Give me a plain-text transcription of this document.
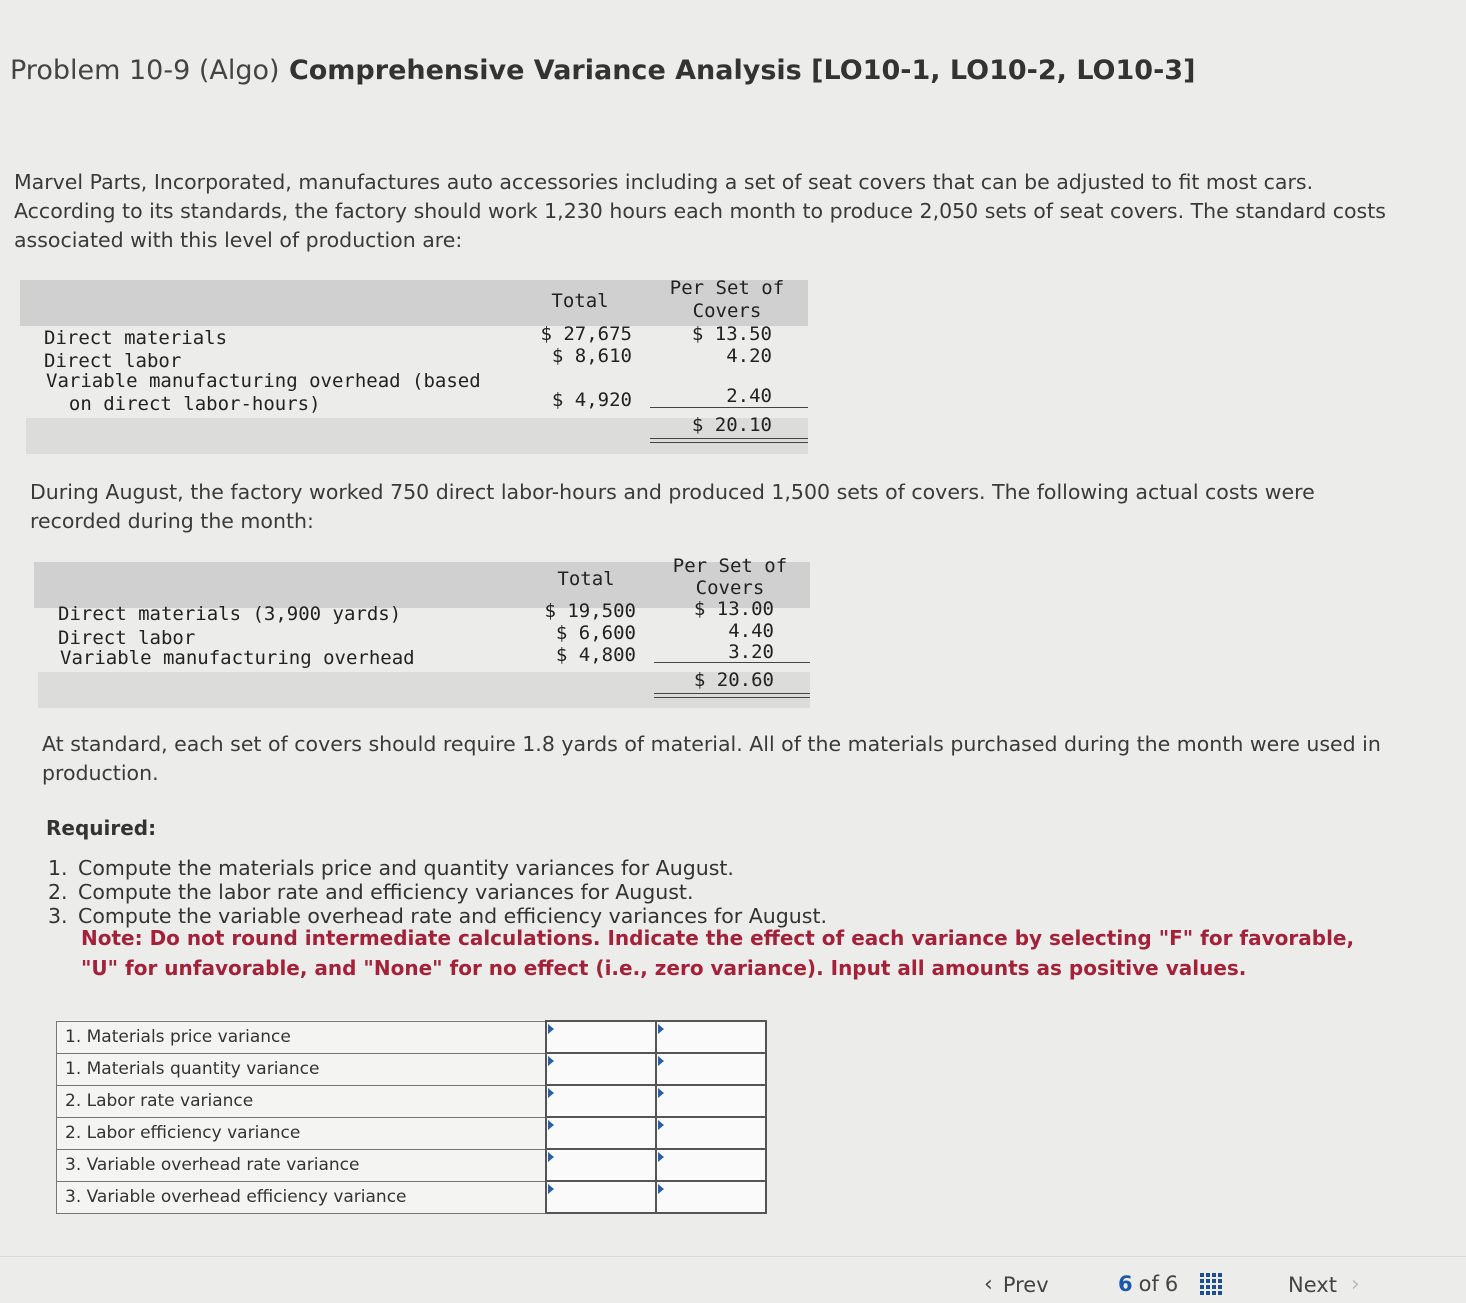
Problem 10-9 (Algo) Comprehensive Variance Analysis [LO10-1, LO10-2, LO10-3]
Marvel Parts, Incorporated, manufactures auto accessories including a set of seat covers that can be adjusted to fit most cars.
According to its standards, the factory should work 1,230 hours each month to produce 2,050 sets of seat covers. The standard costs
associated with this level of production are:
Total
Per Set of
Covers
Direct materials	$ 27,675	$ 13.50
Direct labor	$ 8,610	4.20
Variable manufacturing overhead (based
on direct labor-hours)	$ 4,920	2.40
$ 20.10
During August, the factory worked 750 direct labor-hours and produced 1,500 sets of covers. The following actual costs were
recorded during the month:
Total
Per Set of
Covers
Direct materials (3,900 yards)	$ 19,500	$ 13.00
Direct labor	$ 6,600	4.40
Variable manufacturing overhead	$ 4,800	3.20
$ 20.60
At standard, each set of covers should require 1.8 yards of material. All of the materials purchased during the month were used in
production.
Required:
1. Compute the materials price and quantity variances for August.
2. Compute the labor rate and efficiency variances for August.
3. Compute the variable overhead rate and efficiency variances for August.

Note: Do not round intermediate calculations. Indicate the effect of each variance by selecting "F" for favorable, "U" for unfavorable, and "None" for no effect (i.e., zero variance). Input all amounts as positive values.

1. Materials price variance		
1. Materials quantity variance		
2. Labor rate variance		
2. Labor efficiency variance		
3. Variable overhead rate variance		
3. Variable overhead efficiency variance		
‹ Prev	6 of 6	Next ›
